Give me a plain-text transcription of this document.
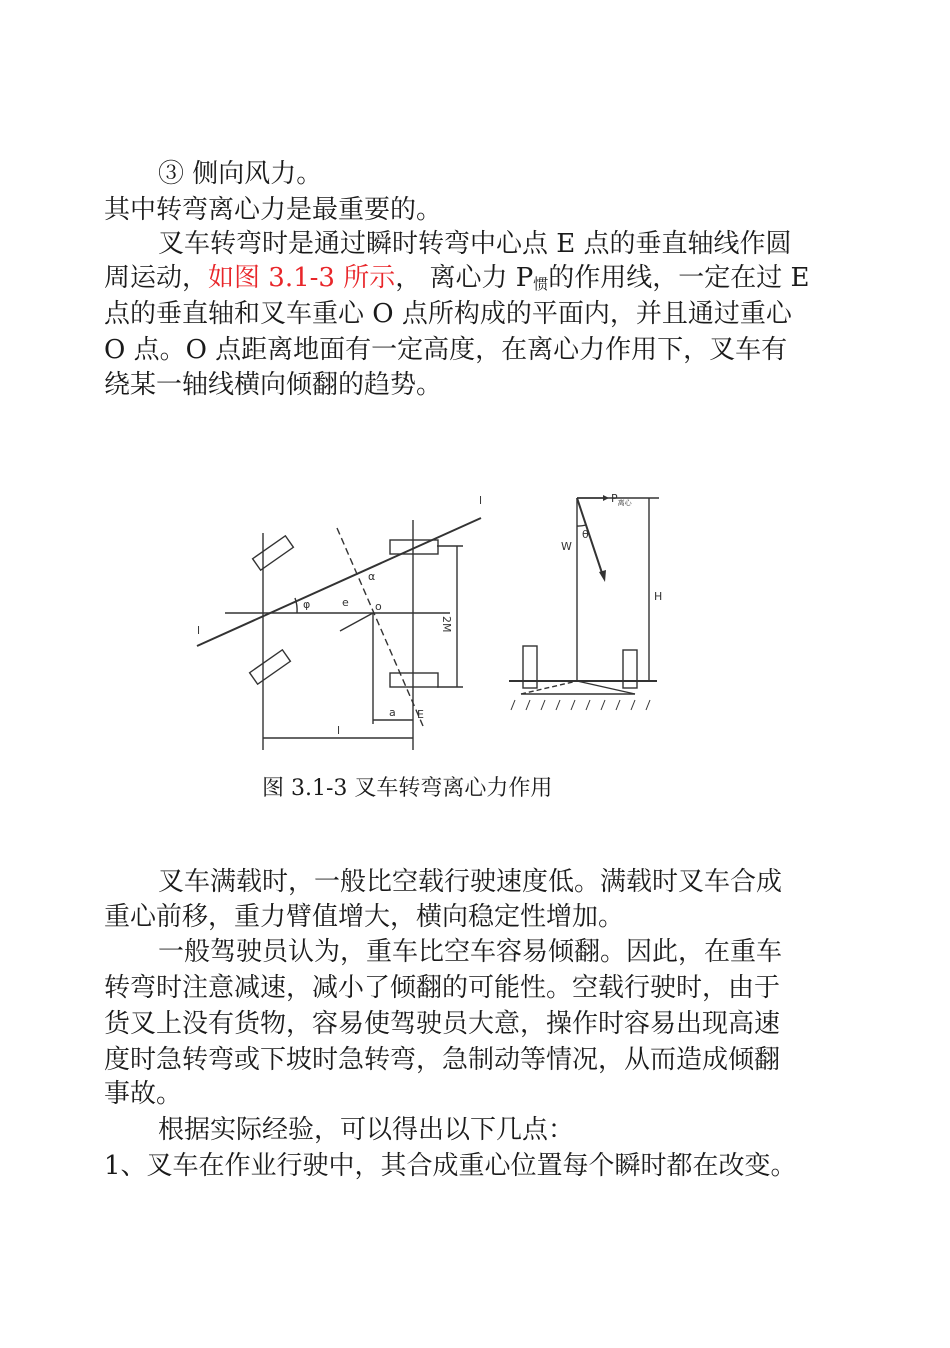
③ 侧向风力。
其中转弯离心力是最重要的。
叉车转弯时是通过瞬时转弯中心点 E 点的垂直轴线作圆
周运动，如图 3.1-3 所示， 离心力 P惯的作用线，一定在过 E
点的垂直轴和叉车重心 O 点所构成的平面内，并且通过重心
O 点。O 点距离地面有一定高度，在离心力作用下，叉车有
绕某一轴线横向倾翻的趋势。
l
l
φ	e o
α
2M
E
a
l
$P_{离心}$
W
θ
H
图 3.1-3 叉车转弯离心力作用
叉车满载时，一般比空载行驶速度低。满载时叉车合成
重心前移，重力臂值增大，横向稳定性增加。
一般驾驶员认为，重车比空车容易倾翻。因此，在重车
转弯时注意减速，减小了倾翻的可能性。空载行驶时，由于
货叉上没有货物，容易使驾驶员大意，操作时容易出现高速
度时急转弯或下坡时急转弯，急制动等情况，从而造成倾翻
事故。
根据实际经验，可以得出以下几点：
1、叉车在作业行驶中，其合成重心位置每个瞬时都在改变。
